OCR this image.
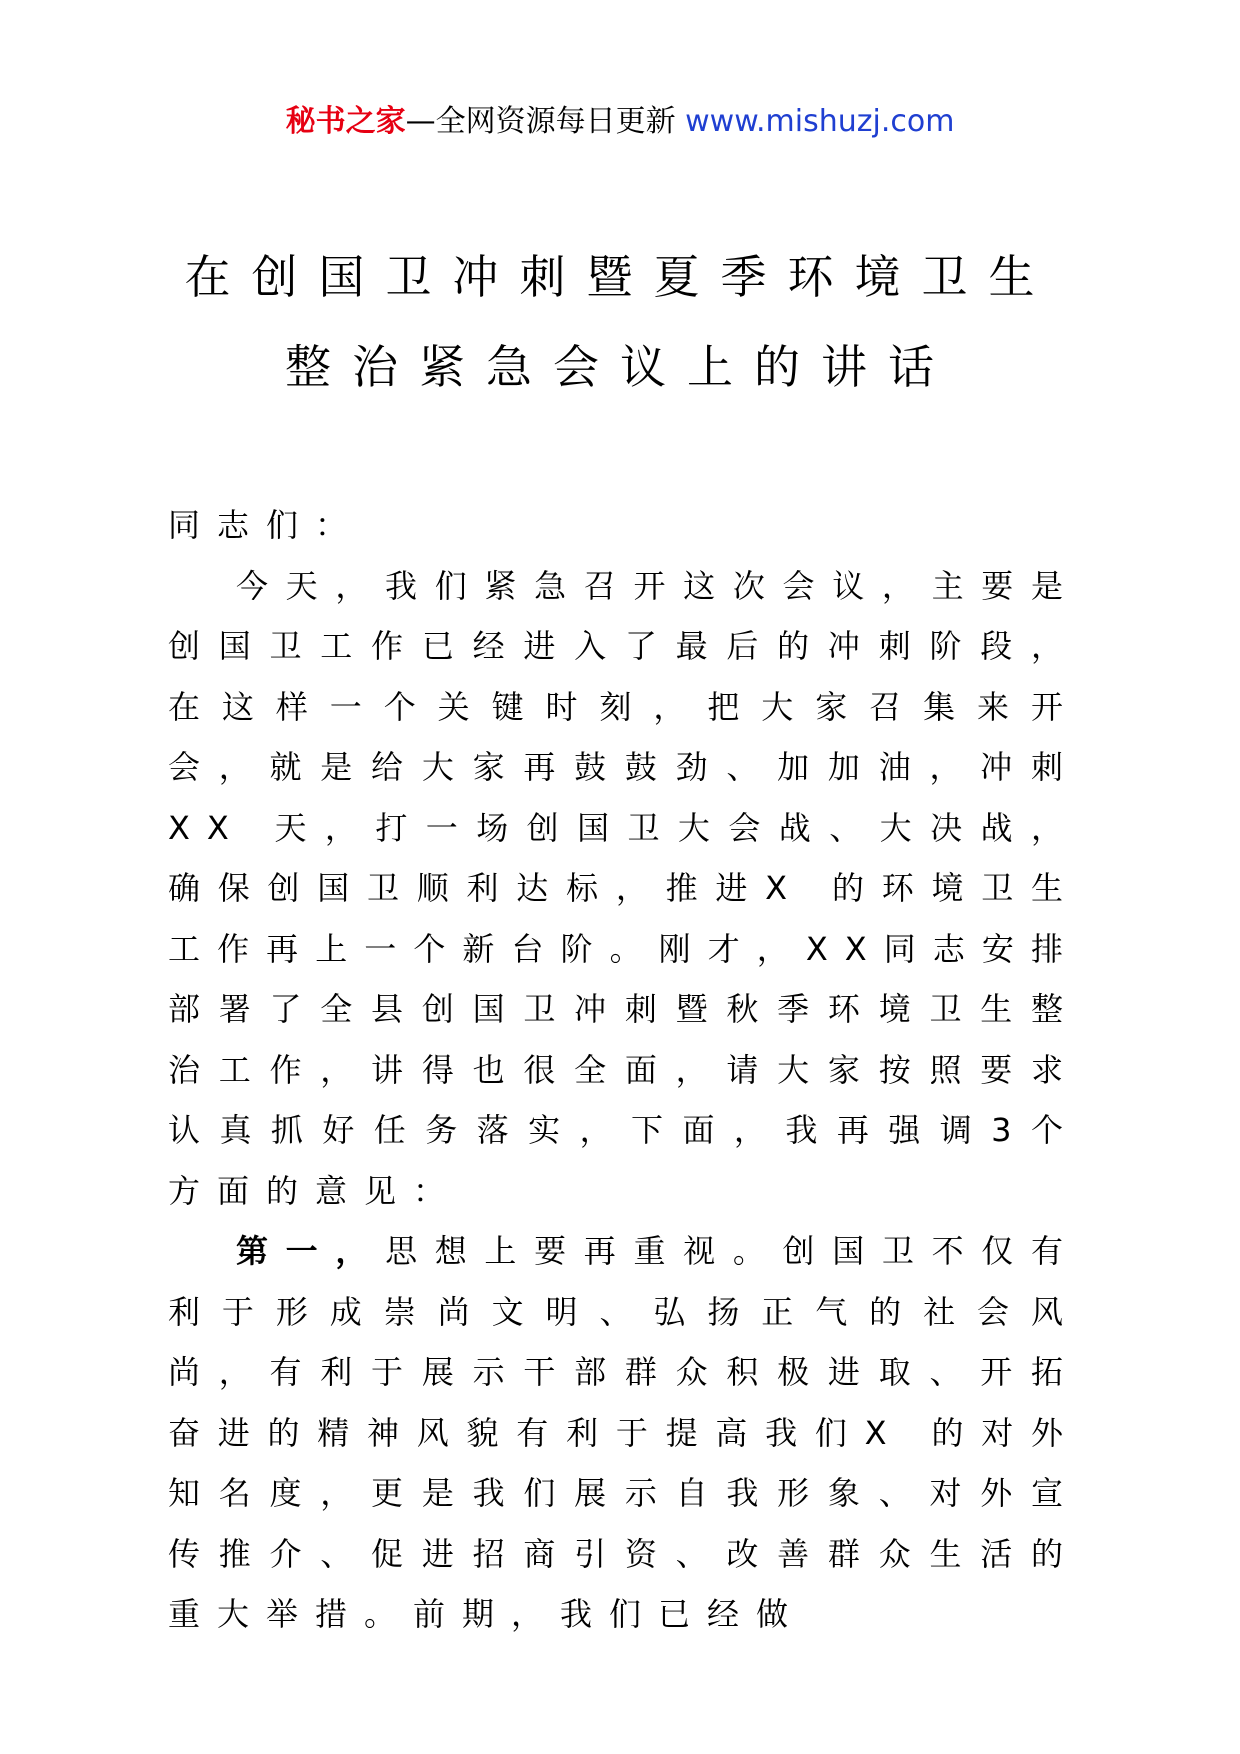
秘书之家—全网资源每日更新 www.mishuzj.com
在创国卫冲刺暨夏季环境卫生
整治紧急会议上的讲话

同志们：

今天，我们紧急召开这次会议，主要是创国卫工作已经进入了最后的冲刺阶段，在这样一个关键时刻，把大家召集来开会，就是给大家再鼓鼓劲、加加油，冲刺XX 天，打一场创国卫大会战、大决战，确保创国卫顺利达标，推进X 的环境卫生工作再上一个新台阶。刚才，XX同志安排部署了全县创国卫冲刺暨秋季环境卫生整治工作，讲得也很全面，请大家按照要求认真抓好任务落实，下面，我再强调3个方面的意见：

第一，思想上要再重视。创国卫不仅有利于形成崇尚文明、弘扬正气的社会风尚，有利于展示干部群众积极进取、开拓奋进的精神风貌有利于提高我们X 的对外知名度，更是我们展示自我形象、对外宣传推介、促进招商引资、改善群众生活的重大举措。前期，我们已经做
